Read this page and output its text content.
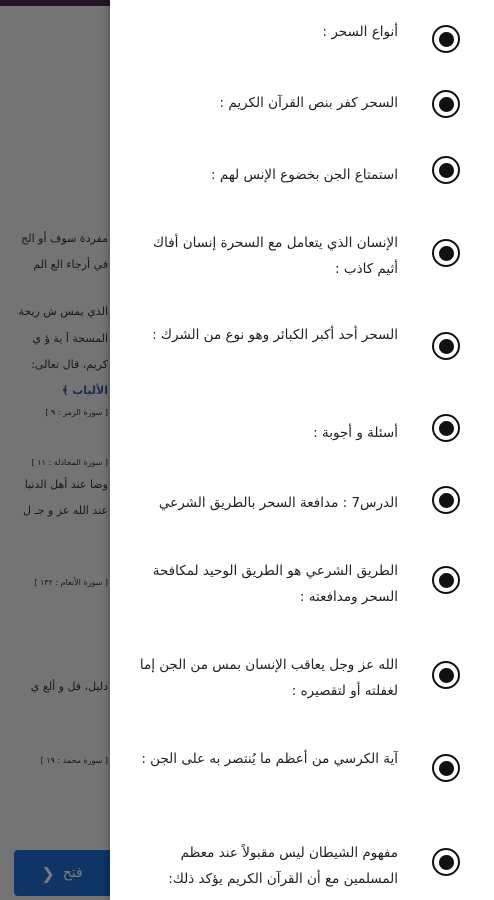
أنواع السحر :
السحر كفر بنص القرآن الكريم :
استمتاع الجن بخضوع الإنس لهم :
الإنسان الذي يتعامل مع السحرة إنسان أفاك أثيم كاذب :
السحر أحد أكبر الكبائر وهو نوع من الشرك :
أسئلة و أجوبة :
الدرس7 : مدافعة السحر بالطريق الشرعي
الطريق الشرعي هو الطريق الوحيد لمكافحة السحر ومدافعته :
الله عز وجل يعاقب الإنسان بمس من الجن إما لغفلته أو لتقصيره :
آية الكرسي من أعظم ما يُنتصر به على الجن :
مفهوم الشيطان ليس مقبولاً عند معظم المسلمين مع أن القرآن الكريم يؤكد ذلك:
